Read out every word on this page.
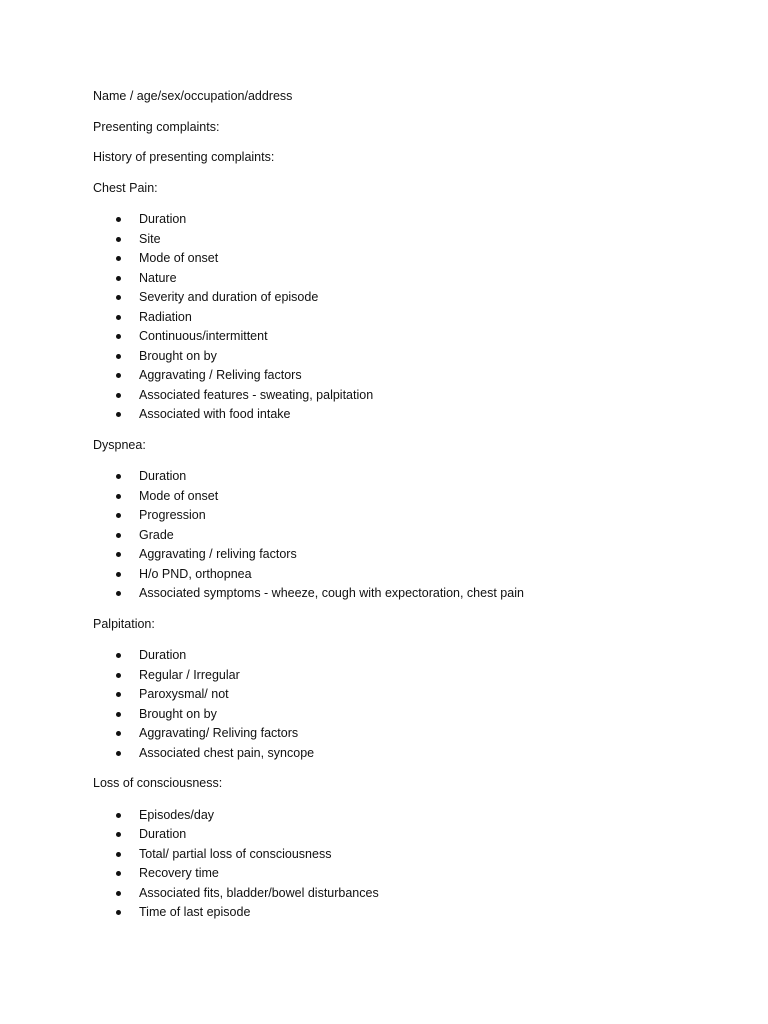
Name / age/sex/occupation/address

Presenting complaints:

History of presenting complaints:

Chest Pain:

Duration
Site
Mode of onset
Nature
Severity and duration of episode
Radiation
Continuous/intermittent
Brought on by
Aggravating / Reliving factors
Associated features - sweating, palpitation
Associated with food intake

Dyspnea:

Duration
Mode of onset
Progression
Grade
Aggravating / reliving factors
H/o PND, orthopnea
Associated symptoms - wheeze, cough with expectoration, chest pain

Palpitation:

Duration
Regular / Irregular
Paroxysmal/ not
Brought on by
Aggravating/ Reliving factors
Associated chest pain, syncope

Loss of consciousness:

Episodes/day
Duration
Total/ partial loss of consciousness
Recovery time
Associated fits, bladder/bowel disturbances
Time of last episode
